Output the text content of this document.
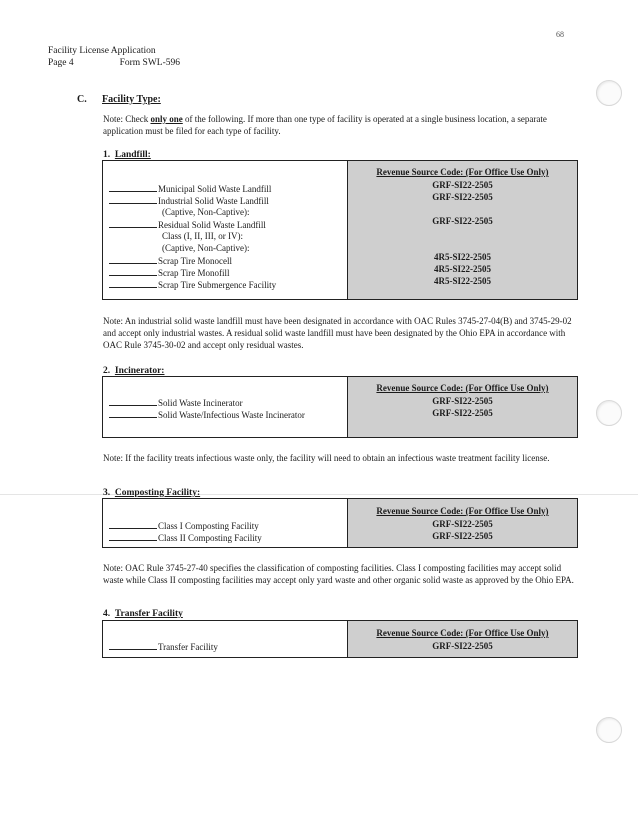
68
Facility License Application
Page 4	Form SWL-596
C. Facility Type:
Note: Check only one of the following. If more than one type of facility is operated at a single business location, a separate application must be filed for each type of facility.
1. Landfill:
Municipal Solid Waste Landfill
Industrial Solid Waste Landfill
(Captive, Non-Captive):
Residual Solid Waste Landfill
Class (I, II, III, or IV):
(Captive, Non-Captive):
Scrap Tire Monocell
Scrap Tire Monofill
Scrap Tire Submergence Facility
Revenue Source Code: (For Office Use Only)
GRF-SI22-2505
GRF-SI22-2505
GRF-SI22-2505
4R5-SI22-2505
4R5-SI22-2505
4R5-SI22-2505
Note: An industrial solid waste landfill must have been designated in accordance with OAC Rules 3745-27-04(B) and 3745-29-02 and accept only industrial wastes. A residual solid waste landfill must have been designated by the Ohio EPA in accordance with OAC Rule 3745-30-02 and accept only residual wastes.
2. Incinerator:
Solid Waste Incinerator
Solid Waste/Infectious Waste Incinerator
Revenue Source Code: (For Office Use Only)
GRF-SI22-2505
GRF-SI22-2505
Note: If the facility treats infectious waste only, the facility will need to obtain an infectious waste treatment facility license.
3. Composting Facility:
Class I Composting Facility
Class II Composting Facility
Revenue Source Code: (For Office Use Only)
GRF-SI22-2505
GRF-SI22-2505
Note: OAC Rule 3745-27-40 specifies the classification of composting facilities. Class I composting facilities may accept solid waste while Class II composting facilities may accept only yard waste and other organic solid waste as approved by the Ohio EPA.
4. Transfer Facility
Transfer Facility
Revenue Source Code: (For Office Use Only)
GRF-SI22-2505
